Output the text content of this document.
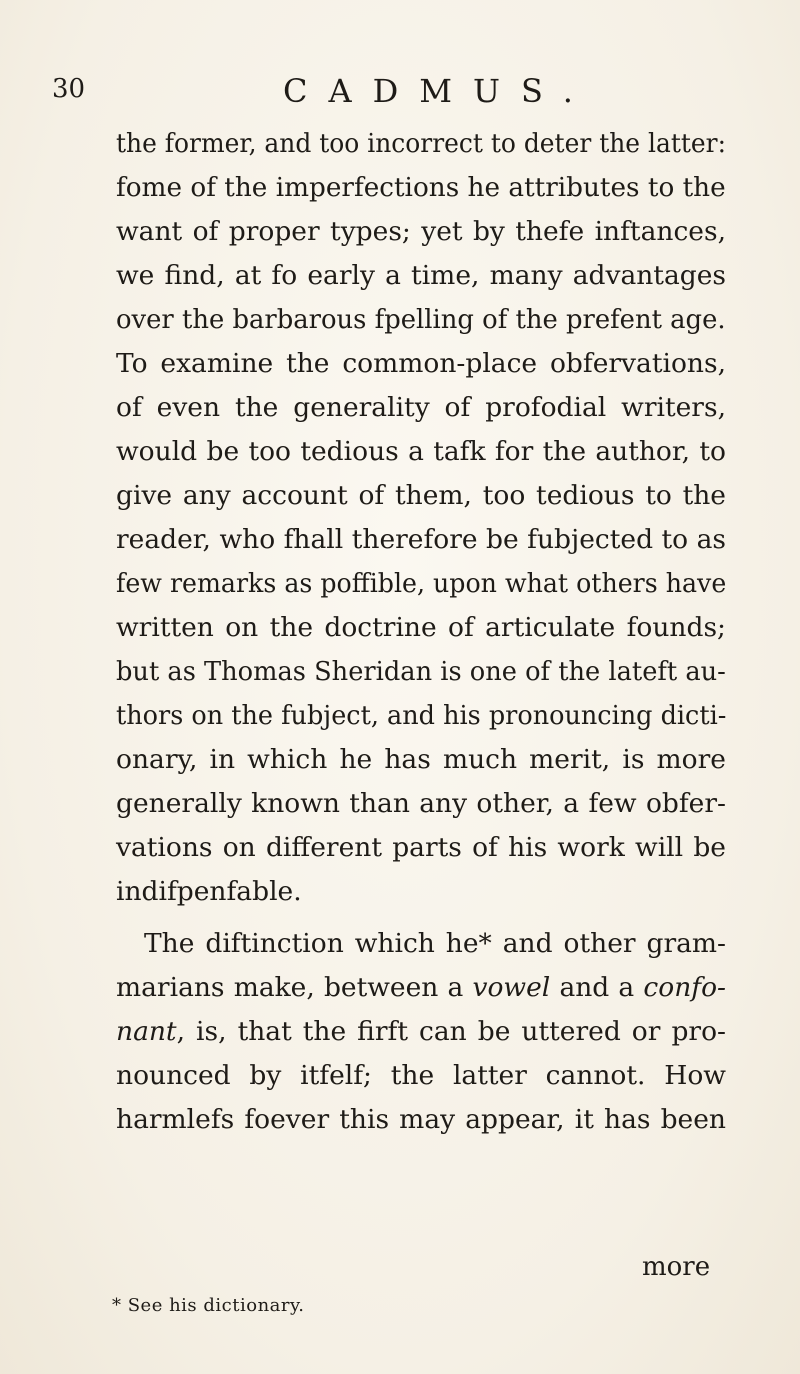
30	CADMUS.
the former, and too incorrect to deter the latter:
fome of the imperfections he attributes to the
want of proper types; yet by thefe inftances,
we find, at fo early a time, many advantages
over the barbarous fpelling of the prefent age.
To examine the common-place obfervations,
of even the generality of profodial writers,
would be too tedious a tafk for the author, to
give any account of them, too tedious to the
reader, who fhall therefore be fubjected to as
few remarks as poffible, upon what others have
written on the doctrine of articulate founds;
but as Thomas Sheridan is one of the lateft au-
thors on the fubject, and his pronouncing dicti-
onary, in which he has much merit, is more
generally known than any other, a few obfer-
vations on different parts of his work will be
indifpenfable.
The diftinction which he* and other gram-
marians make, between a vowel and a confo-
nant, is, that the firft can be uttered or pro-
nounced by itfelf; the latter cannot. How
harmlefs foever this may appear, it has been
more
* See his dictionary.
